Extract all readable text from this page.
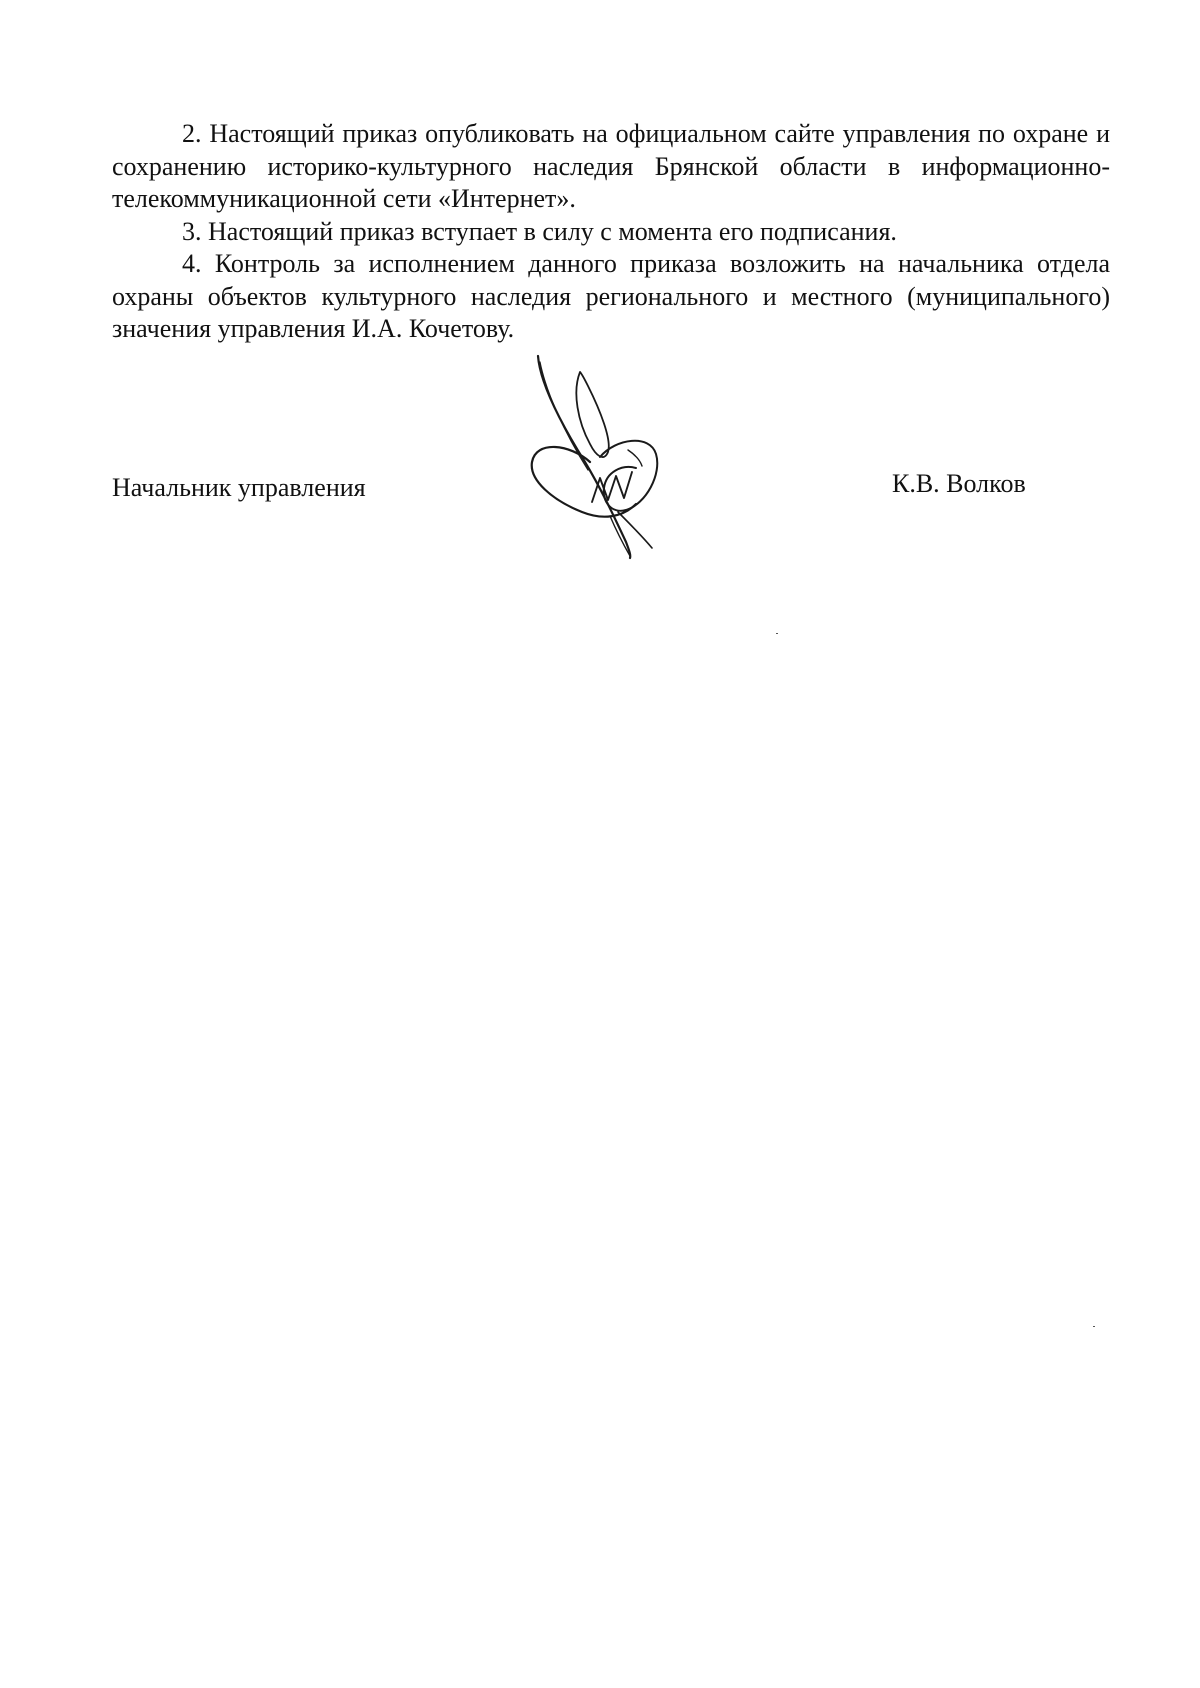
2. Настоящий приказ опубликовать на официальном сайте управления по охране и сохранению историко-культурного наследия Брянской области в информационно-телекоммуникационной сети «Интернет».

3. Настоящий приказ вступает в силу с момента его подписания.

4. Контроль за исполнением данного приказа возложить на начальника отдела охраны объектов культурного наследия регионального и местного (муниципального) значения управления И.А. Кочетову.

Начальник управления	К.В. Волков
